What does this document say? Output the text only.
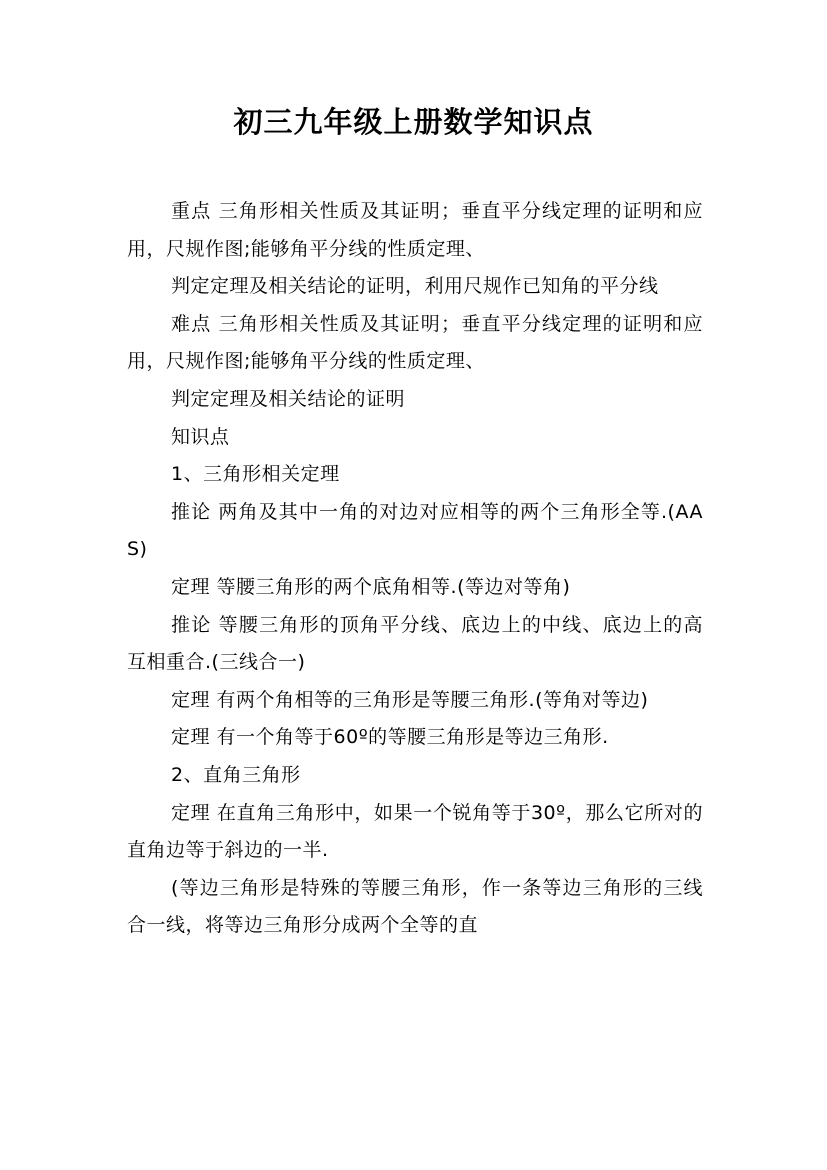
初三九年级上册数学知识点

重点 三角形相关性质及其证明；垂直平分线定理的证明和应用，尺规作图;能够角平分线的性质定理、

判定定理及相关结论的证明，利用尺规作已知角的平分线

难点 三角形相关性质及其证明；垂直平分线定理的证明和应用，尺规作图;能够角平分线的性质定理、

判定定理及相关结论的证明

知识点

1、三角形相关定理

推论 两角及其中一角的对边对应相等的两个三角形全等.(AAS)

定理 等腰三角形的两个底角相等.(等边对等角)

推论 等腰三角形的顶角平分线、底边上的中线、底边上的高互相重合.(三线合一)

定理 有两个角相等的三角形是等腰三角形.(等角对等边)

定理 有一个角等于60º的等腰三角形是等边三角形.

2、直角三角形

定理 在直角三角形中，如果一个锐角等于30º，那么它所对的直角边等于斜边的一半.

(等边三角形是特殊的等腰三角形，作一条等边三角形的三线合一线，将等边三角形分成两个全等的直
